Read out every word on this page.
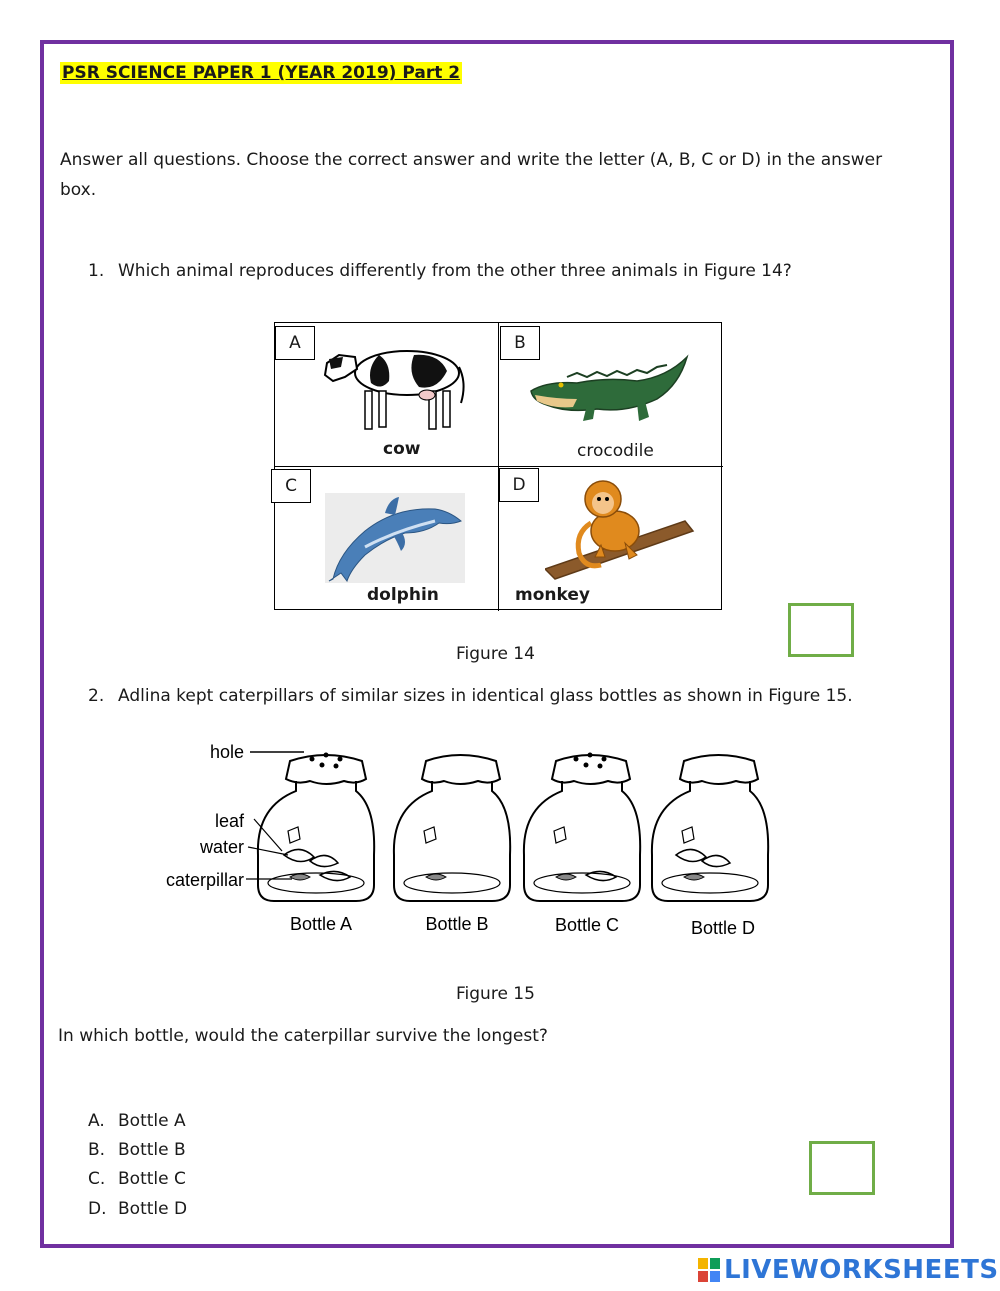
PSR SCIENCE PAPER 1 (YEAR 2019) Part 2
Answer all questions. Choose the correct answer and write the letter (A, B, C or D) in the answer box.
1. Which animal reproduces differently from the other three animals in Figure 14?
A
cow
B
crocodile
C
dolphin
D
monkey
Figure 14
2. Adlina kept caterpillars of similar sizes in identical glass bottles as shown in Figure 15.
hole
leaf
water
caterpillar
Bottle A	Bottle B	Bottle C	Bottle D
Figure 15
In which bottle, would the caterpillar survive the longest?
A. Bottle A
B. Bottle B
C. Bottle C
D. Bottle D
LIVEWORKSHEETS
